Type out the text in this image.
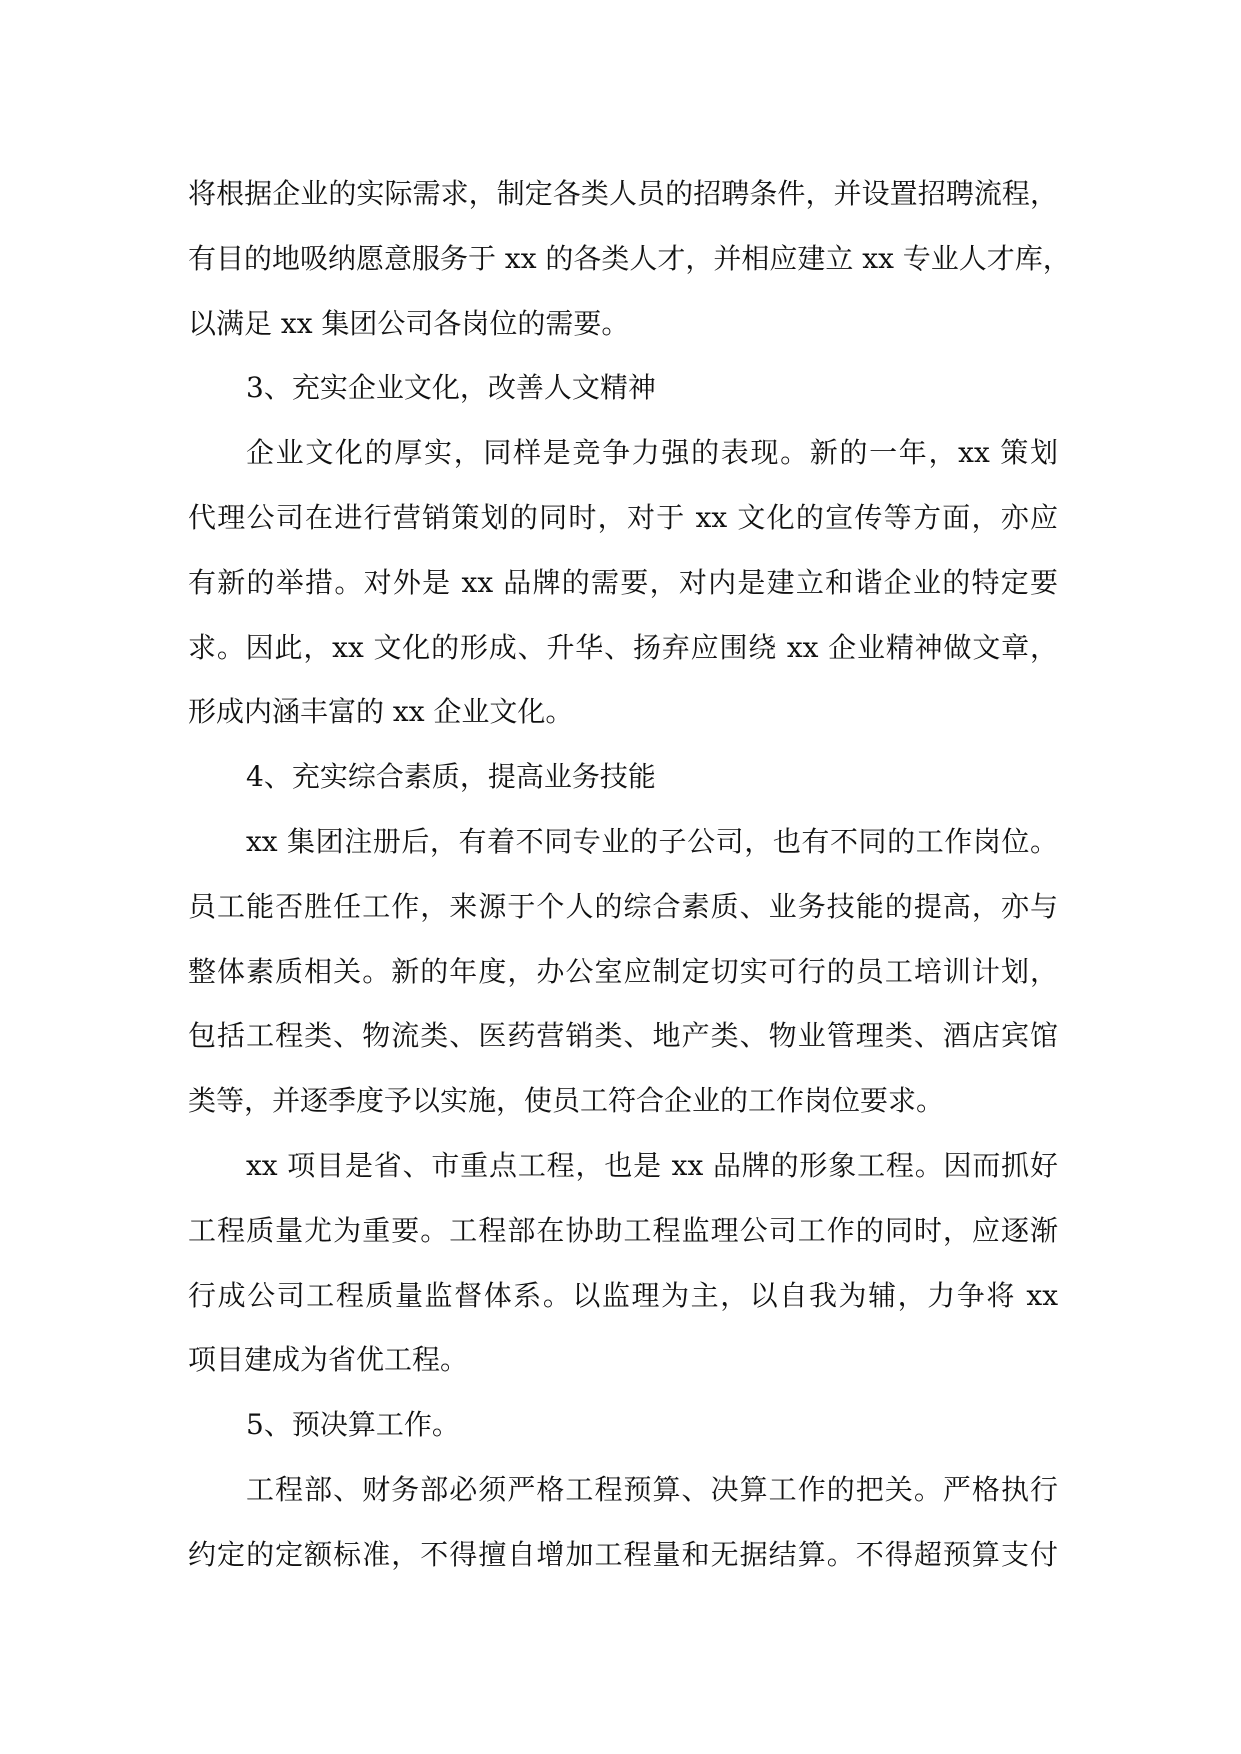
将根据企业的实际需求，制定各类人员的招聘条件，并设置招聘流程，
有目的地吸纳愿意服务于 xx 的各类人才，并相应建立 xx 专业人才库，
以满足 xx 集团公司各岗位的需要。
3、充实企业文化，改善人文精神
企业文化的厚实，同样是竞争力强的表现。新的一年，xx 策划
代理公司在进行营销策划的同时，对于 xx 文化的宣传等方面，亦应
有新的举措。对外是 xx 品牌的需要，对内是建立和谐企业的特定要
求。因此，xx 文化的形成、升华、扬弃应围绕 xx 企业精神做文章，
形成内涵丰富的 xx 企业文化。
4、充实综合素质，提高业务技能
xx 集团注册后，有着不同专业的子公司，也有不同的工作岗位。
员工能否胜任工作，来源于个人的综合素质、业务技能的提高，亦与
整体素质相关。新的年度，办公室应制定切实可行的员工培训计划，
包括工程类、物流类、医药营销类、地产类、物业管理类、酒店宾馆
类等，并逐季度予以实施，使员工符合企业的工作岗位要求。
xx 项目是省、市重点工程，也是 xx 品牌的形象工程。因而抓好
工程质量尤为重要。工程部在协助工程监理公司工作的同时，应逐渐
行成公司工程质量监督体系。以监理为主，以自我为辅，力争将 xx
项目建成为省优工程。
5、预决算工作。
工程部、财务部必须严格工程预算、决算工作的把关。严格执行
约定的定额标准，不得擅自增加工程量和无据结算。不得超预算支付
